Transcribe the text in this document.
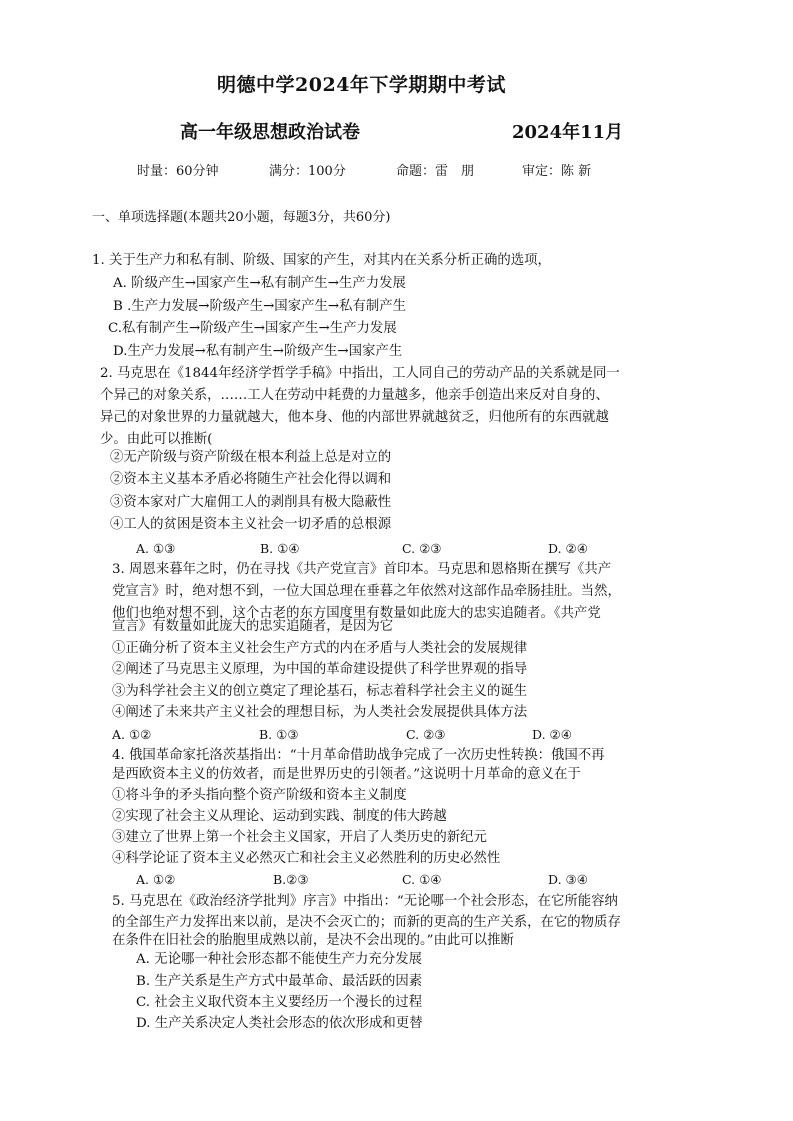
明德中学2024年下学期期中考试
高一年级思想政治试卷	2024年11月
时量：60分钟	满分：100分	命题：雷　朋	审定：陈 新
一、单项选择题(本题共20小题，每题3分，共60分)
1. 关于生产力和私有制、阶级、国家的产生，对其内在关系分析正确的选项，
A. 阶级产生→国家产生→私有制产生→生产力发展
B .生产力发展→阶级产生→国家产生→私有制产生
C.私有制产生→阶级产生→国家产生→生产力发展
D.生产力发展→私有制产生→阶级产生→国家产生
2. 马克思在《1844年经济学哲学手稿》中指出，工人同自己的劳动产品的关系就是同一
个异己的对象关系，……工人在劳动中耗费的力量越多，他亲手创造出来反对自身的、
异己的对象世界的力量就越大，他本身、他的内部世界就越贫乏，归他所有的东西就越
少。由此可以推断(
②无产阶级与资产阶级在根本利益上总是对立的
②资本主义基本矛盾必将随生产社会化得以调和
③资本家对广大雇佣工人的剥削具有极大隐蔽性
④工人的贫困是资本主义社会一切矛盾的总根源
A. ①③	B. ①④	C. ②③	D. ②④
3. 周恩来暮年之时，仍在寻找《共产党宣言》首印本。马克思和恩格斯在撰写《共产
党宣言》时，绝对想不到，一位大国总理在垂暮之年依然对这部作品牵肠挂肚。当然，
他们也绝对想不到，这个古老的东方国度里有数量如此庞大的忠实追随者。《共产党
宣言》有数量如此庞大的忠实追随者，是因为它
①正确分析了资本主义社会生产方式的内在矛盾与人类社会的发展规律
②阐述了马克思主义原理，为中国的革命建设提供了科学世界观的指导
③为科学社会主义的创立奠定了理论基石，标志着科学社会主义的诞生
④阐述了未来共产主义社会的理想目标，为人类社会发展提供具体方法
A. ①②	B. ①③	C. ②③	D. ②④
4. 俄国革命家托洛茨基指出：“十月革命借助战争完成了一次历史性转换：俄国不再
是西欧资本主义的仿效者，而是世界历史的引领者。”这说明十月革命的意义在于
①将斗争的矛头指向整个资产阶级和资本主义制度
②实现了社会主义从理论、运动到实践、制度的伟大跨越
③建立了世界上第一个社会主义国家，开启了人类历史的新纪元
④科学论证了资本主义必然灭亡和社会主义必然胜利的历史必然性
A. ①②	B.②③	C. ①④	D. ③④
5. 马克思在《政治经济学批判》序言》中指出：“无论哪一个社会形态，在它所能容纳
的全部生产力发挥出来以前，是决不会灭亡的；而新的更高的生产关系，在它的物质存
在条件在旧社会的胎胞里成熟以前，是决不会出现的。”由此可以推断
A. 无论哪一种社会形态都不能使生产力充分发展
B. 生产关系是生产方式中最革命、最活跃的因素
C. 社会主义取代资本主义要经历一个漫长的过程
D. 生产关系决定人类社会形态的依次形成和更替
